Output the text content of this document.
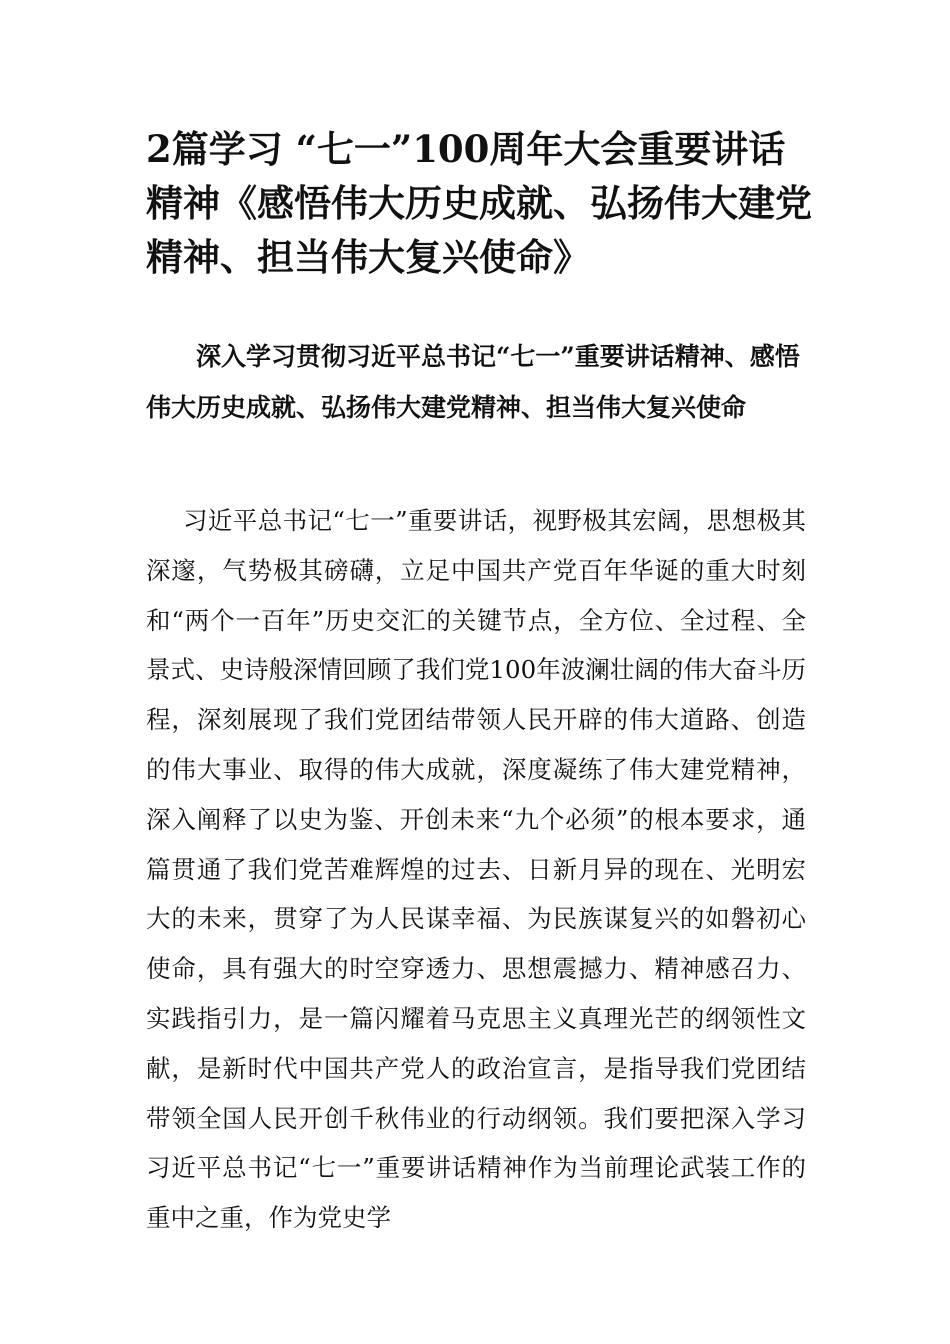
2篇学习 “七一”100周年大会重要讲话精神《感悟伟大历史成就、弘扬伟大建党精神、担当伟大复兴使命》
深入学习贯彻习近平总书记“七一”重要讲话精神、感悟伟大历史成就、弘扬伟大建党精神、担当伟大复兴使命

习近平总书记“七一”重要讲话，视野极其宏阔，思想极其深邃，气势极其磅礴，立足中国共产党百年华诞的重大时刻和“两个一百年”历史交汇的关键节点，全方位、全过程、全景式、史诗般深情回顾了我们党100年波澜壮阔的伟大奋斗历程，深刻展现了我们党团结带领人民开辟的伟大道路、创造的伟大事业、取得的伟大成就，深度凝练了伟大建党精神，深入阐释了以史为鉴、开创未来“九个必须”的根本要求，通篇贯通了我们党苦难辉煌的过去、日新月异的现在、光明宏大的未来，贯穿了为人民谋幸福、为民族谋复兴的如磐初心使命，具有强大的时空穿透力、思想震撼力、精神感召力、实践指引力，是一篇闪耀着马克思主义真理光芒的纲领性文献，是新时代中国共产党人的政治宣言，是指导我们党团结带领全国人民开创千秋伟业的行动纲领。我们要把深入学习习近平总书记“七一”重要讲话精神作为当前理论武装工作的重中之重，作为党史学
